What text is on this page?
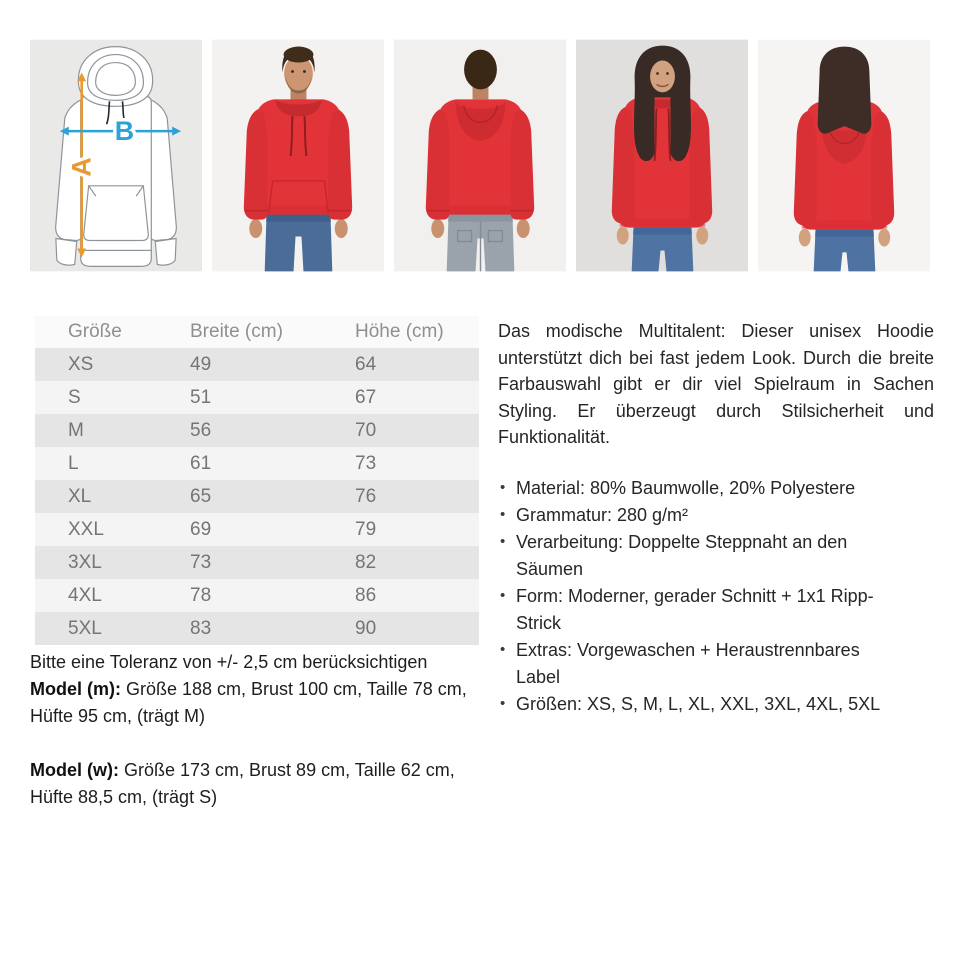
A
B
Größe	Breite (cm)	Höhe (cm)
XS	49	64
S	51	67
M	56	70
L	61	73
XL	65	76
XXL	69	79
3XL	73	82
4XL	78	86
5XL	83	90

Bitte eine Toleranz von +/- 2,5 cm berücksichtigen

Model (m): Größe 188 cm, Brust 100 cm, Taille 78 cm, Hüfte 95 cm, (trägt M)

Model (w): Größe 173 cm, Brust 89 cm, Taille 62 cm, Hüfte 88,5 cm, (trägt S)

Das modische Multitalent: Dieser unisex Hoodie unterstützt dich bei fast jedem Look. Durch die breite Farbauswahl gibt er dir viel Spielraum in Sachen Styling. Er überzeugt durch Stilsicherheit und Funktionalität.

• Material: 80% Baumwolle, 20% Polyestere
• Grammatur: 280 g/m²
• Verarbeitung: Doppelte Steppnaht an den Säumen
• Form: Moderner, gerader Schnitt + 1x1 Ripp-Strick
• Extras: Vorgewaschen + Heraustrennbares Label
• Größen: XS, S, M, L, XL, XXL, 3XL, 4XL, 5XL
